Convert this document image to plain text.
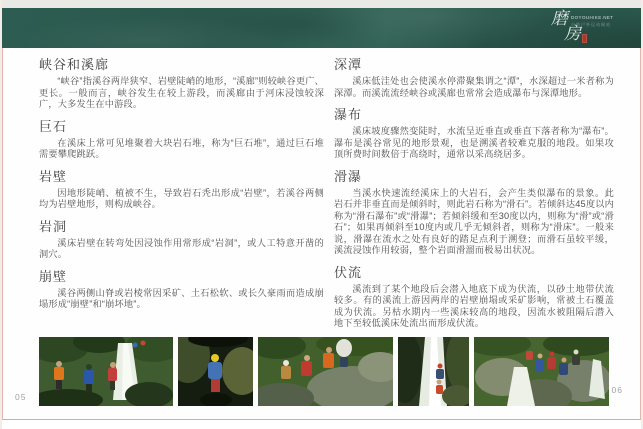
磨
房
DOYOUHIKE.NET
自助户外运动网站
峡谷和溪廊

“峡谷”指溪谷两岸狭窄、岩壁陡峭的地形，“溪廊”则较峡谷更广、更长。一般而言，峡谷发生在较上游段，而溪廊由于河床浸蚀较深广，大多发生在中游段。

巨石

在溪床上常可见堆聚着大块岩石堆，称为“巨石堆”，通过巨石堆需要攀爬跳跃。

岩壁

因地形陡峭、植被不生，导致岩石秃出形成“岩壁”，若溪谷两侧均为岩壁地形，则构成峡谷。

岩洞

溪床岩壁在转弯处因浸蚀作用常形成“岩洞”，或人工特意开凿的洞穴。

崩壁

溪谷两侧山脊或岩棱常因采矿、土石松软、或长久豪雨而造成崩塌形成“崩壁”和“崩坏地”。

深潭

溪床低洼处也会使溪水停滞聚集谓之“潭”，水深超过一米者称为深潭。而溪流流经峡谷或溪廊也常常会造成瀑布与深潭地形。

瀑布

溪床坡度骤然变陡时，水流呈近垂直或垂直下落者称为“瀑布”。瀑布是溪谷常见的地形景观，也是溯溪者较难克服的地段。如果攻顶所费时间数倍于高绕时，通常以采高绕居多。

滑瀑

当溪水快速流经溪床上的大岩石，会产生类似瀑布的景象。此岩石并非垂直而是倾斜时，则此岩石称为“滑石”。若倾斜达45度以内称为“滑石瀑布”或“滑瀑”；若倾斜缓和至30度以内，则称为“滑”或“滑石”；如果再倾斜至10度内或几乎无倾斜者，则称为“滑床”。一般来说，滑瀑在流水之处有良好的踏足点利于溯登；而滑石虽较平缓，溪流浸蚀作用较弱，整个岩面滑溜而极易出状况。

伏流

溪流到了某个地段后会潜入地底下成为伏流，以砂土地带伏流较多。有的溪流上游因两岸的岩壁崩塌或采矿影响，常被土石覆盖成为伏流。另枯水期内一些溪床较高的地段，因流水被阻隔后潜入地下至较低溪床处流出而形成伏流。

05
06
